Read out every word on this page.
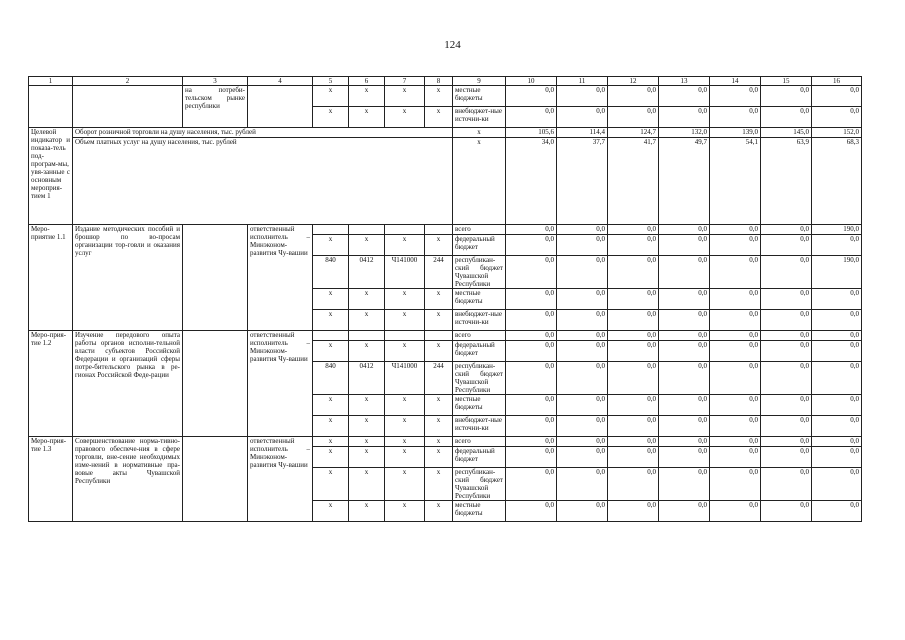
124
1	2	3	4	5	6	7	8	9	10	11	12	13	14	15	16
		на потреби-тельском рынке республики		x	x	x	x	местные бюджеты	0,0	0,0	0,0	0,0	0,0	0,0	0,0
				x	x	x	x	внебюджет-ные источни-ки	0,0	0,0	0,0	0,0	0,0	0,0	0,0
Целевой индикатор и показа-тель под-програм-мы, увя-занные с основным мероприя-тием 1	Оборот розничной торговли на душу населения, тыс. рублей							x	105,6	114,4	124,7	132,0	139,0	145,0	152,0
	Объем платных услуг на душу населения, тыс. рублей							x	34,0	37,7	41,7	49,7	54,1	63,9	68,3
Меро-приятие 1.1	Издание методических пособий и брошюр по во-просам организации тор-говли и оказания услуг		ответственный исполнитель – Минэконом-развития Чу-вашии					всего	0,0	0,0	0,0	0,0	0,0	0,0	190,0
				x	x	x	x	федеральный бюджет	0,0	0,0	0,0	0,0	0,0	0,0	0,0
				840	0412	Ч141000	244	республикан-ский бюджет Чувашской Республики	0,0	0,0	0,0	0,0	0,0	0,0	190,0
				x	x	x	x	местные бюджеты	0,0	0,0	0,0	0,0	0,0	0,0	0,0
				x	x	x	x	внебюджет-ные источни-ки	0,0	0,0	0,0	0,0	0,0	0,0	0,0
Меро-прия-тие 1.2	Изучение передового опыта работы органов исполни-тельной власти субъектов Российской Федерации и организаций сферы потре-бительского рынка в ре-гионах Российской Феде-рации		ответственный исполнитель – Минэконом-развития Чу-вашии					всего	0,0	0,0	0,0	0,0	0,0	0,0	0,0
				x	x	x	x	федеральный бюджет	0,0	0,0	0,0	0,0	0,0	0,0	0,0
				840	0412	Ч141000	244	республикан-ский бюджет Чувашской Республики	0,0	0,0	0,0	0,0	0,0	0,0	0,0
				x	x	x	x	местные бюджеты	0,0	0,0	0,0	0,0	0,0	0,0	0,0
				x	x	x	x	внебюджет-ные источни-ки	0,0	0,0	0,0	0,0	0,0	0,0	0,0
Меро-прия-тие 1.3	Совершенствование норма-тивно-правового обеспече-ния в сфере торговли, вне-сение необходимых изме-нений в нормативные пра-вовые акты Чувашской Республики		ответственный исполнитель – Минэконом-развития Чу-вашии	x	x	x	x	всего	0,0	0,0	0,0	0,0	0,0	0,0	0,0
				x	x	x	x	федеральный бюджет	0,0	0,0	0,0	0,0	0,0	0,0	0,0
				x	x	x	x	республикан-ский бюджет Чувашской Республики	0,0	0,0	0,0	0,0	0,0	0,0	0,0
				x	x	x	x	местные бюджеты	0,0	0,0	0,0	0,0	0,0	0,0	0,0
